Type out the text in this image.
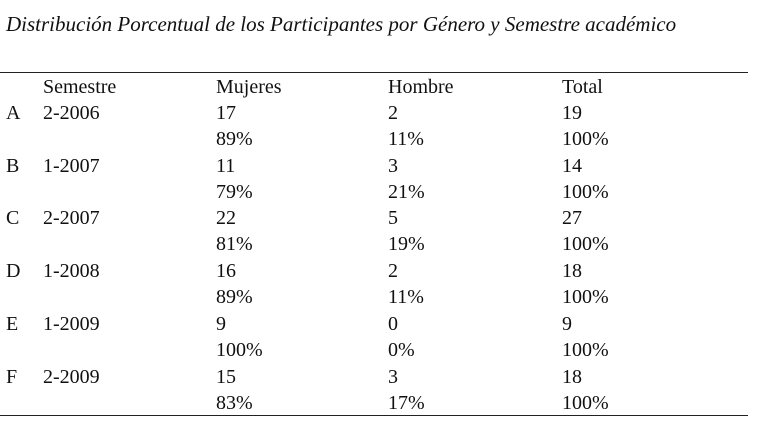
Distribución Porcentual de los Participantes por Género y Semestre académico
Semestre	Mujeres	Hombre	Total
A 2-2006	17	2	19
89%	11%	100%
B 1-2007	11	3	14
79%	21%	100%
C 2-2007	22	5	27
81%	19%	100%
D 1-2008	16	2	18
89%	11%	100%
E 1-2009	9	0	9
100%	0%	100%
F 2-2009	15	3	18
83%	17%	100%
